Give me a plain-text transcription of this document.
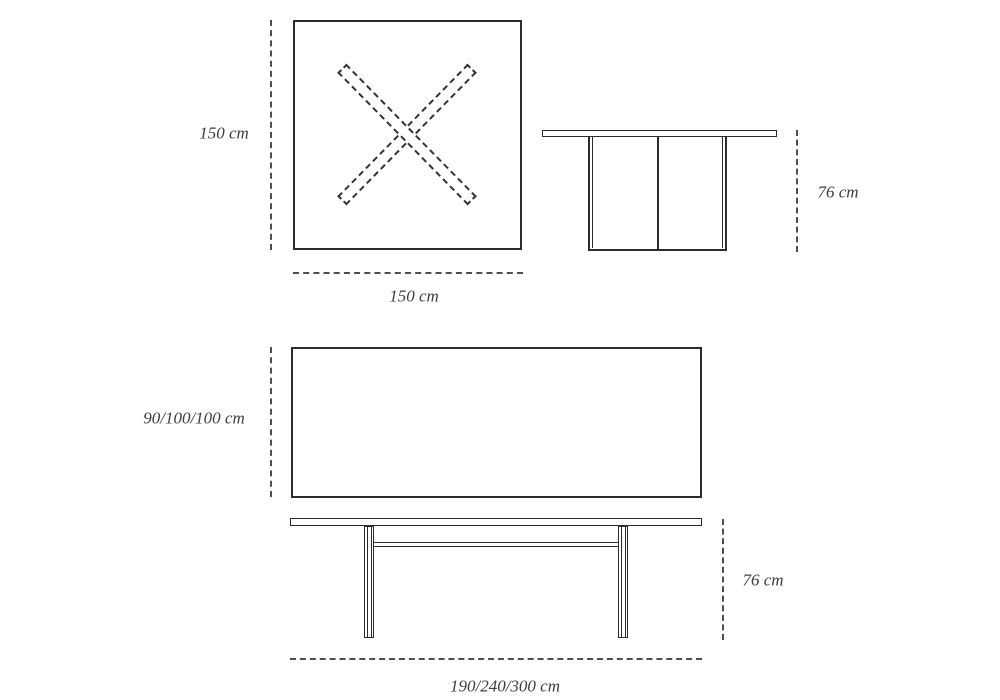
150 cm
150 cm
76 cm
90/100/100 cm
76 cm
190/240/300 cm
